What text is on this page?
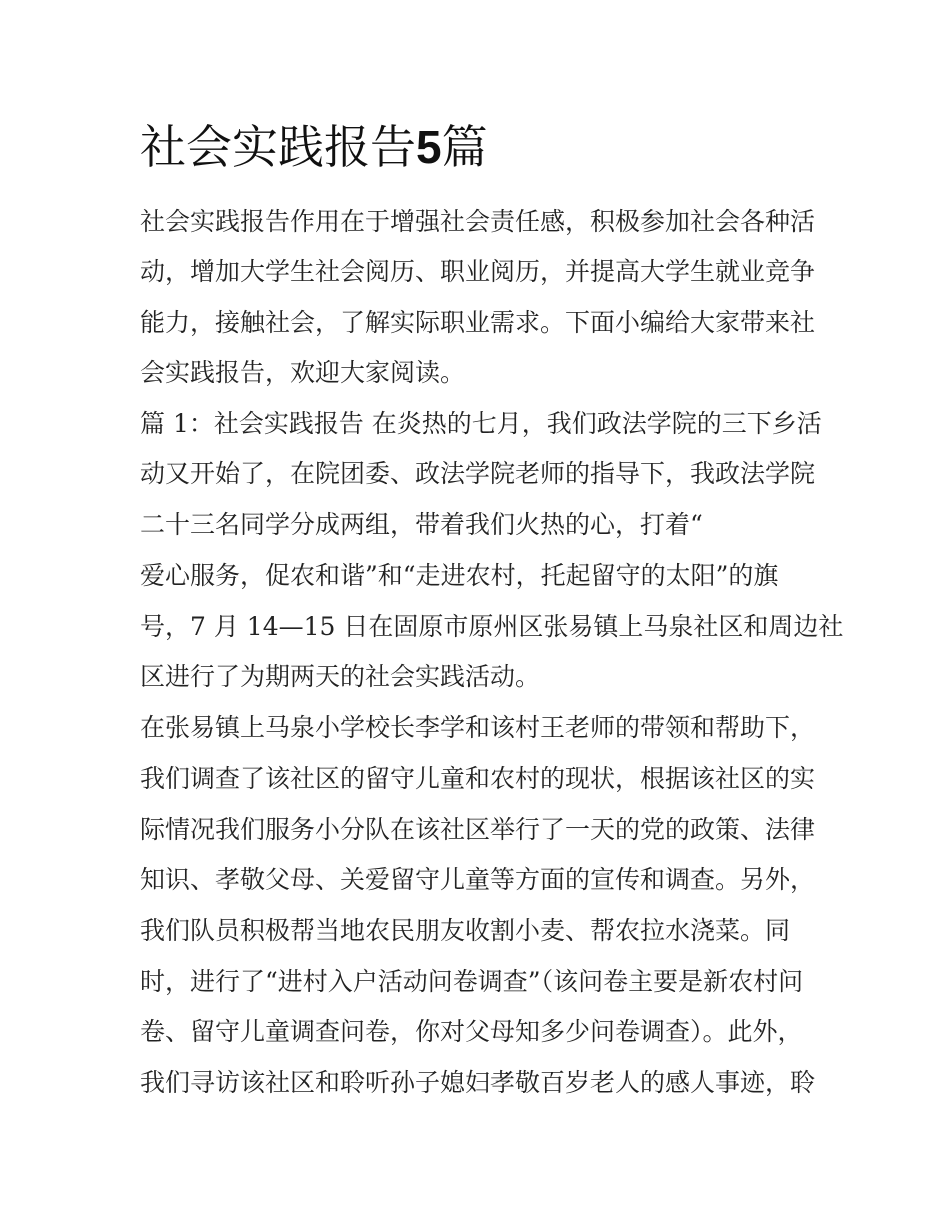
社会实践报告5篇

社会实践报告作用在于增强社会责任感，积极参加社会各种活

动，增加大学生社会阅历、职业阅历，并提高大学生就业竞争

能力，接触社会，了解实际职业需求。下面小编给大家带来社

会实践报告，欢迎大家阅读。

篇 1：社会实践报告 在炎热的七月，我们政法学院的三下乡活

动又开始了，在院团委、政法学院老师的指导下，我政法学院

二十三名同学分成两组，带着我们火热的心，打着“

爱心服务，促农和谐”和“走进农村，托起留守的太阳”的旗

号，7 月 14—15 日在固原市原州区张易镇上马泉社区和周边社

区进行了为期两天的社会实践活动。

在张易镇上马泉小学校长李学和该村王老师的带领和帮助下，

我们调查了该社区的留守儿童和农村的现状，根据该社区的实

际情况我们服务小分队在该社区举行了一天的党的政策、法律

知识、孝敬父母、关爱留守儿童等方面的宣传和调查。另外，

我们队员积极帮当地农民朋友收割小麦、帮农拉水浇菜。同

时，进行了“进村入户活动问卷调查”（该问卷主要是新农村问

卷、留守儿童调查问卷，你对父母知多少问卷调查）。此外，

我们寻访该社区和聆听孙子媳妇孝敬百岁老人的感人事迹，聆
